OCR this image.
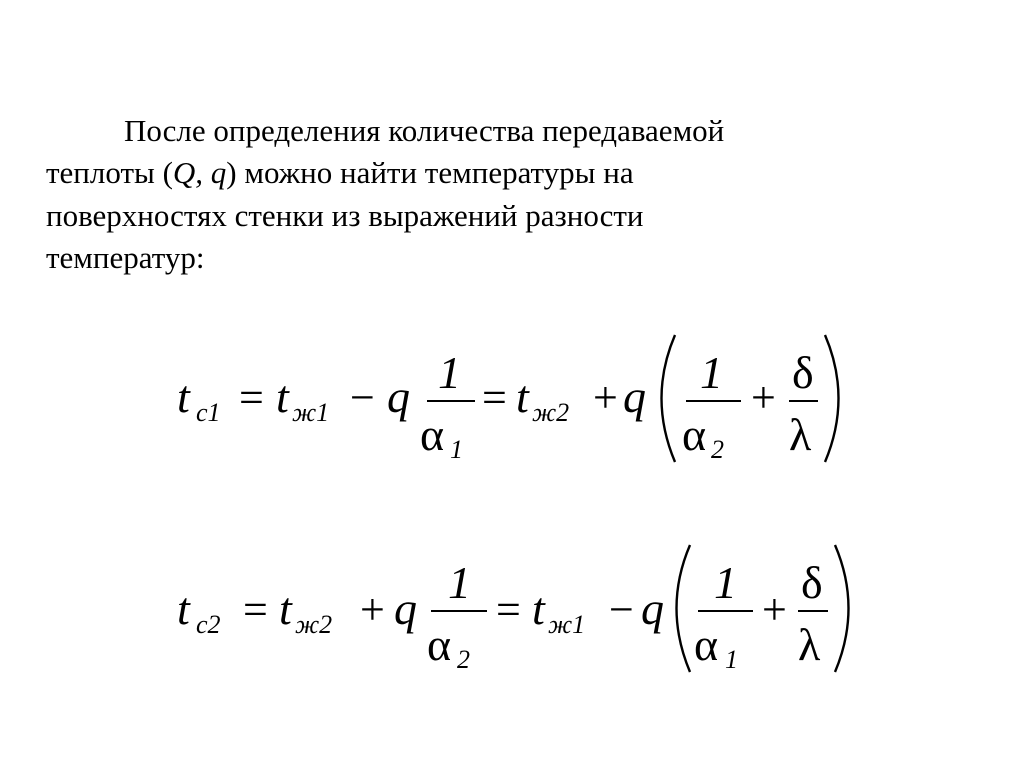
После определения количества передаваемой
теплоты (Q, q) можно найти температуры на
поверхностях стенки из выражений разности
температур:
t с1 = t ж1 − q 1
α 1
= t ж2 + q 1
α 2
+ δ
λ
t с2 = t ж2 + q
1
α 2
= t ж1 − q
1
α 1
+
δ
λ
